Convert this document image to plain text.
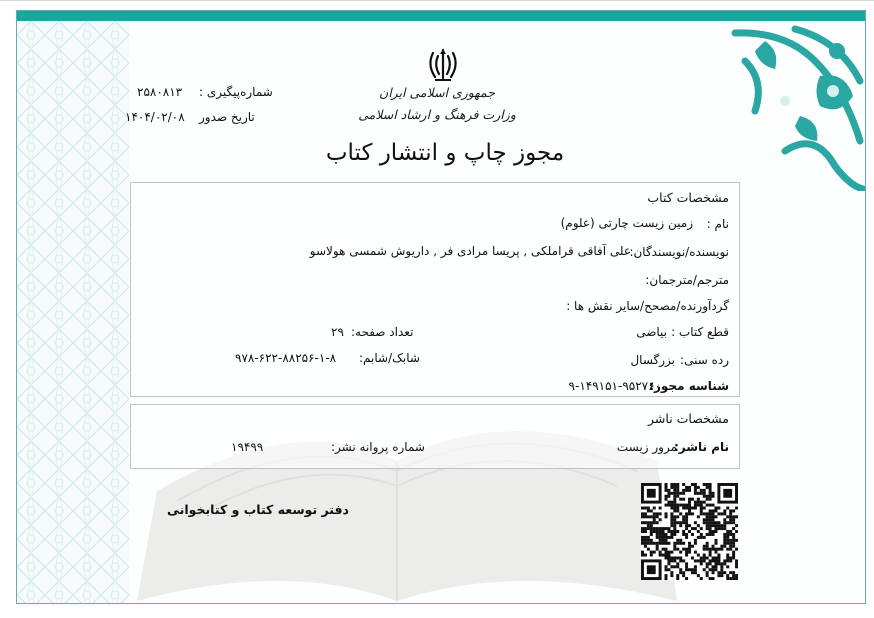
جمهوری اسلامی ایران
وزارت فرهنگ و ارشاد اسلامی
مجوز چاپ و انتشار کتاب
شماره‌پیگیری :
۲۵۸۰۸۱۳
تاریخ صدور
۱۴۰۴/۰۲/۰۸
مشخصات کتاب
نام :
زمین زیست چارتی (علوم)
نویسنده/نویسندگان:
علی آفاقی قراملکی , پریسا مرادی فر , داریوش شمسی هولاسو
مترجم/مترجمان:
گردآورنده/مصحح/سایر نقش ها :
قطع کتاب :
بیاضی
تعداد صفحه:
۲۹
رده سنی:
بزرگسال
شابک/شابم:
۹۷۸-۶۲۲-۸۸۲۵۶-۱-۸
شناسه مجوز:
۹-۱۴۹۱۵۱-۹۵۲۷۶۰
مشخصات ناشر
نام ناشر:
مرور زیست
شماره پروانه نشر:
۱۹۴۹۹
دفتر توسعه کتاب و کتابخوانی
